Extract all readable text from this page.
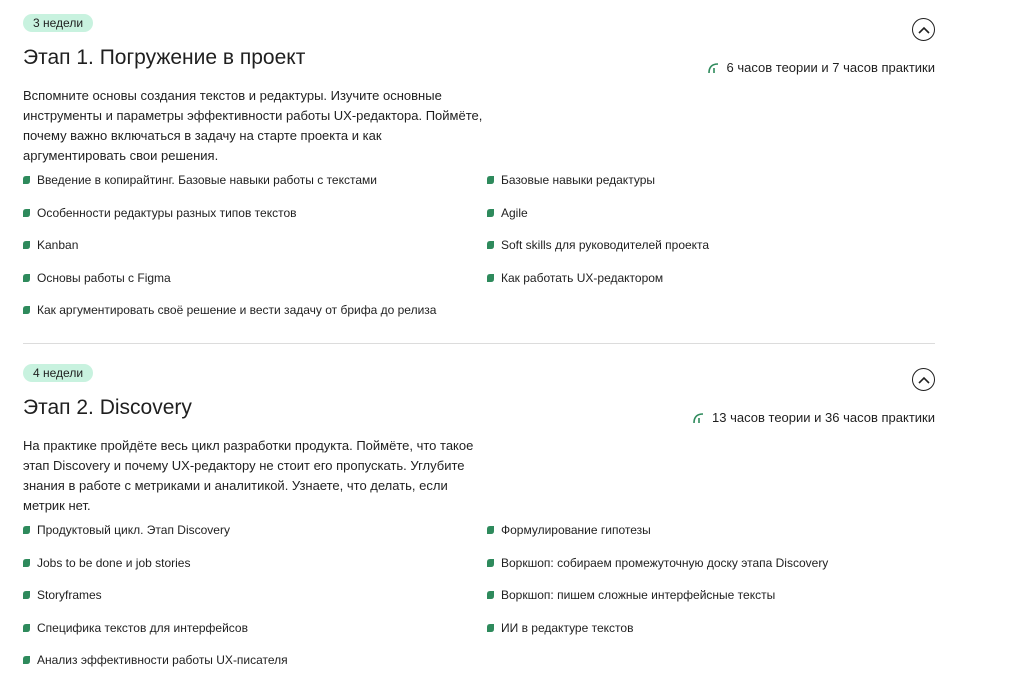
3 недели
Этап 1. Погружение в проект	6 часов теории и 7 часов практики

Вспомните основы создания текстов и редактуры. Изучите основные инструменты и параметры эффективности работы UX-редактора. Поймёте, почему важно включаться в задачу на старте проекта и как аргументировать свои решения.

Введение в копирайтинг. Базовые навыки работы с текстами	Базовые навыки редактуры
Особенности редактуры разных типов текстов	Agile
Kanban	Soft skills для руководителей проекта
Основы работы с Figma	Как работать UX-редактором
Как аргументировать своё решение и вести задачу от брифа до релиза
4 недели
Этап 2. Discovery	13 часов теории и 36 часов практики

На практике пройдёте весь цикл разработки продукта. Поймёте, что такое этап Discovery и почему UX-редактору не стоит его пропускать. Углубите знания в работе с метриками и аналитикой. Узнаете, что делать, если метрик нет.

Продуктовый цикл. Этап Discovery	Формулирование гипотезы
Jobs to be done и job stories	Воркшоп: собираем промежуточную доску этапа Discovery
Storyframes	Воркшоп: пишем сложные интерфейсные тексты
Специфика текстов для интерфейсов	ИИ в редактуре текстов
Анализ эффективности работы UX-писателя
